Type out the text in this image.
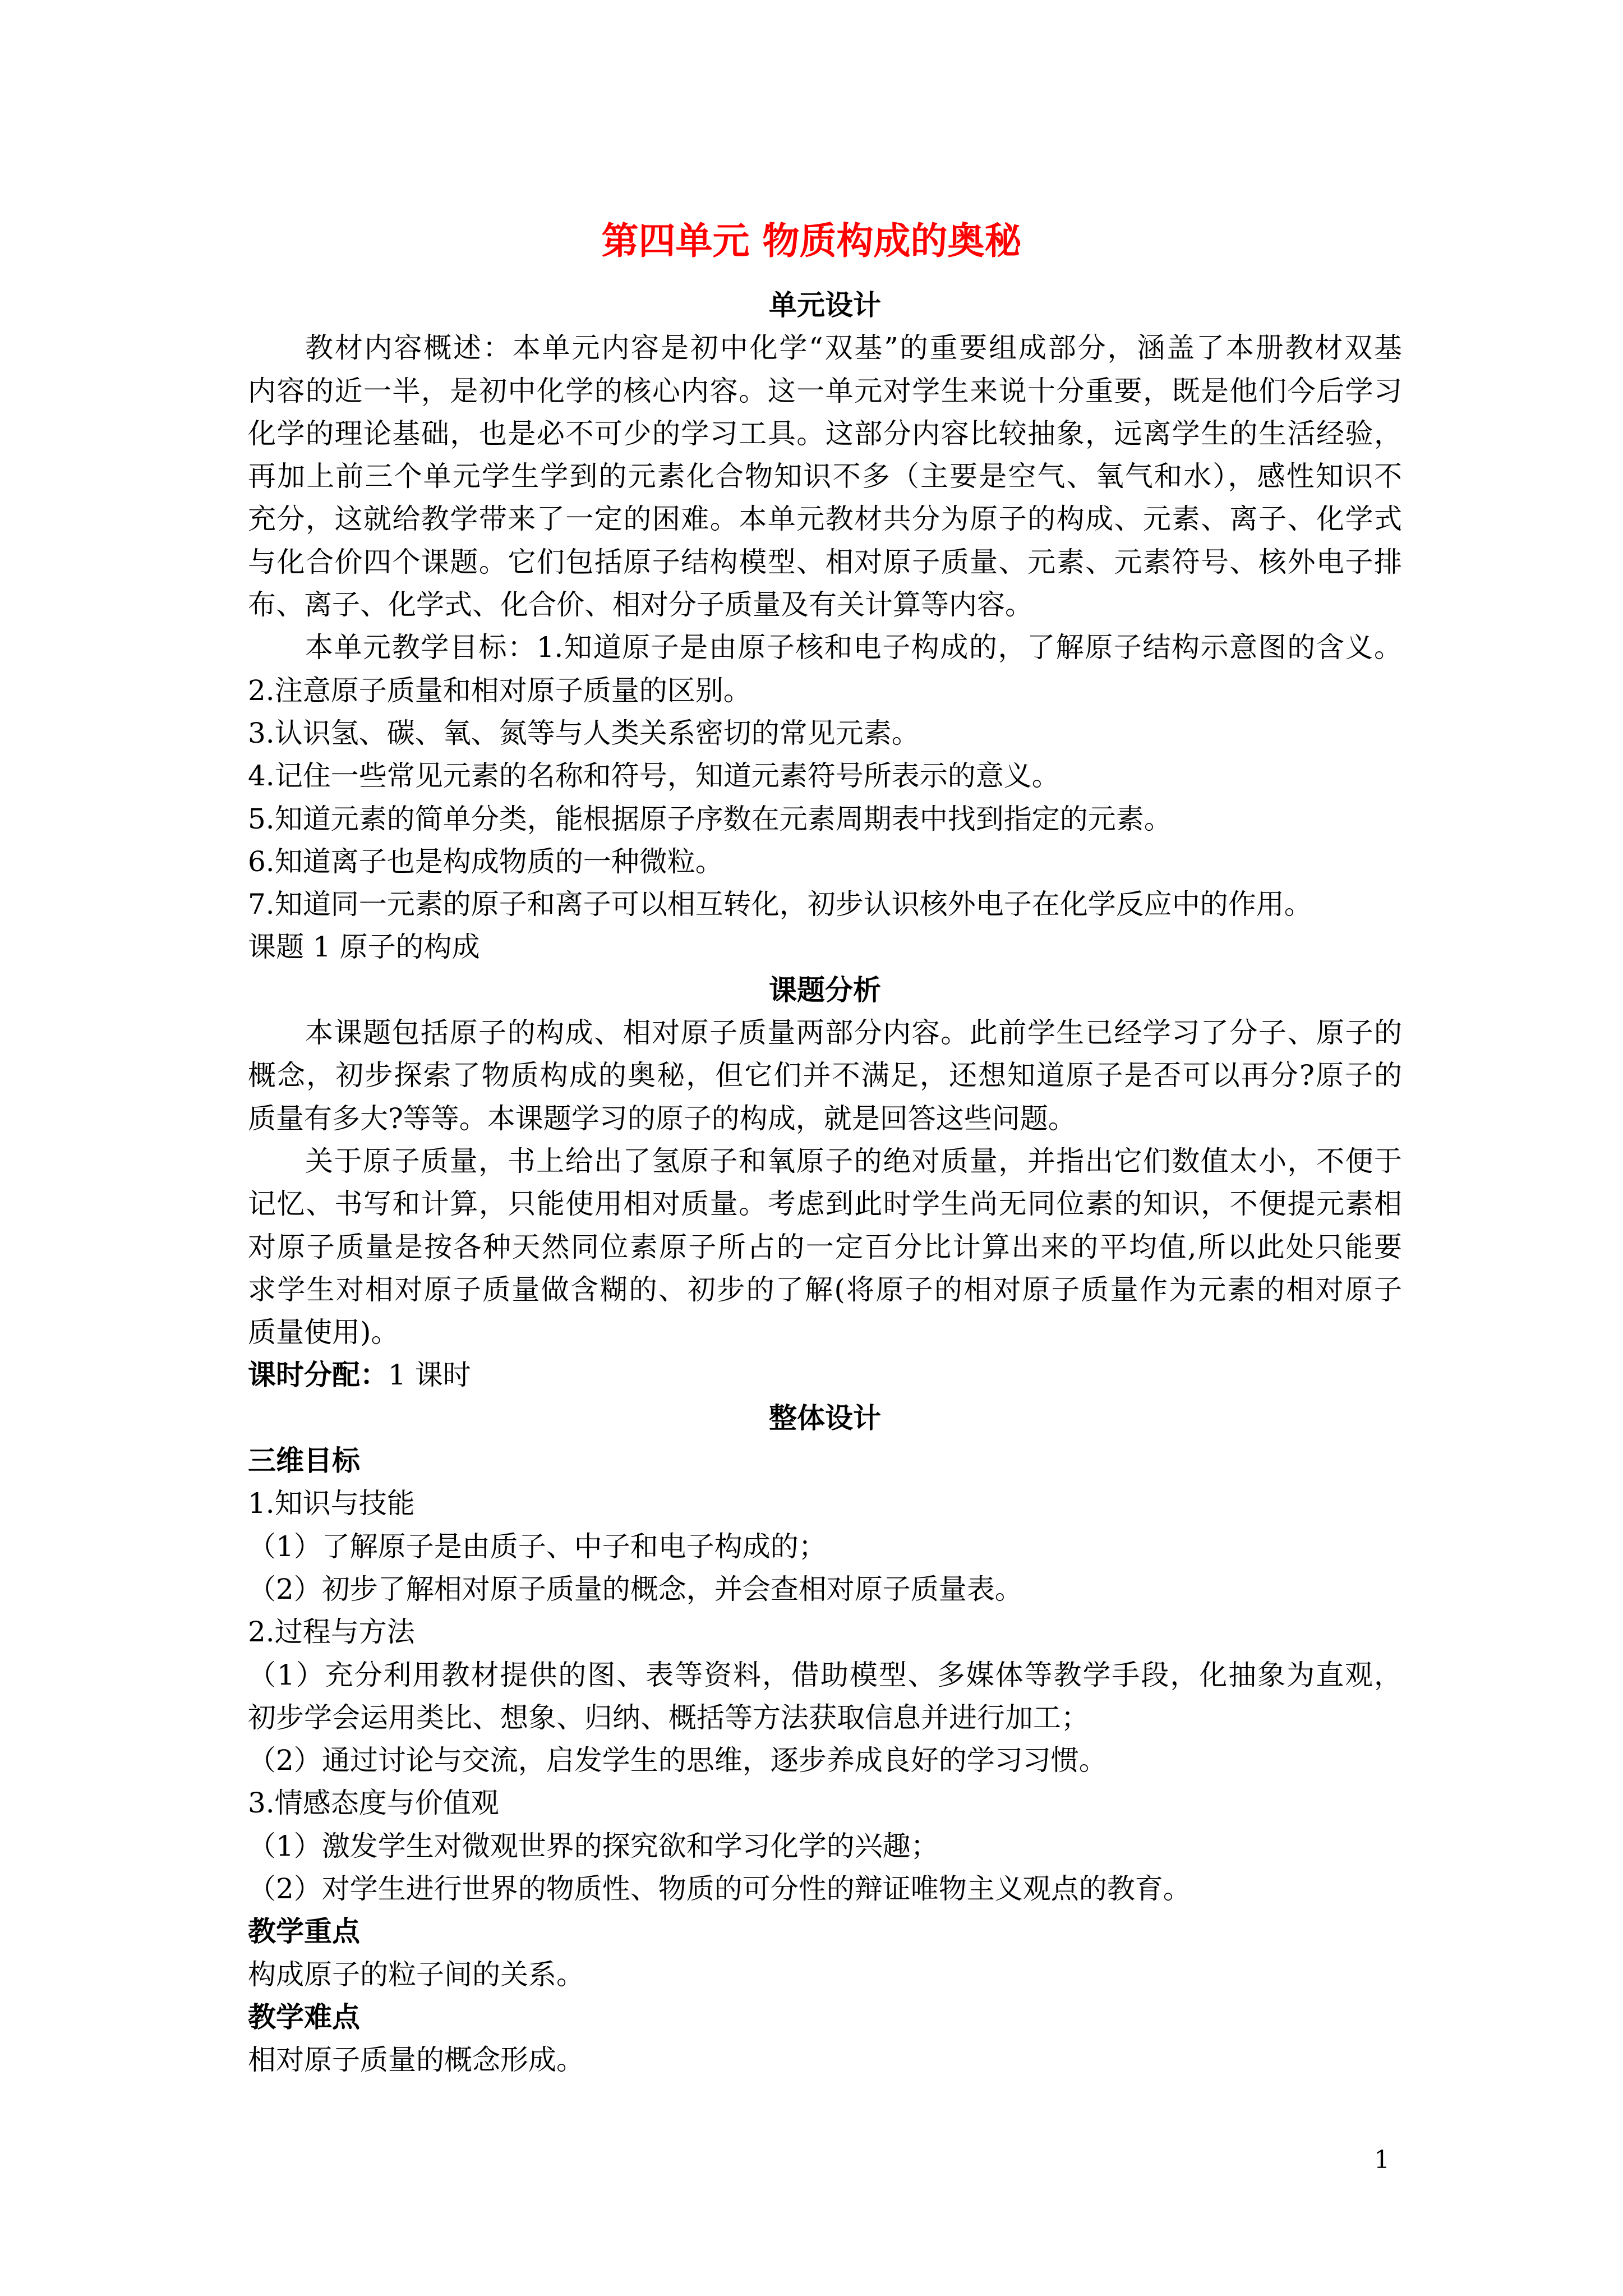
第四单元 物质构成的奥秘
单元设计
教材内容概述：本单元内容是初中化学“双基”的重要组成部分，涵盖了本册教材双基
内容的近一半，是初中化学的核心内容。这一单元对学生来说十分重要，既是他们今后学习
化学的理论基础，也是必不可少的学习工具。这部分内容比较抽象，远离学生的生活经验，
再加上前三个单元学生学到的元素化合物知识不多（主要是空气、氧气和水），感性知识不
充分，这就给教学带来了一定的困难。本单元教材共分为原子的构成、元素、离子、化学式
与化合价四个课题。它们包括原子结构模型、相对原子质量、元素、元素符号、核外电子排
布、离子、化学式、化合价、相对分子质量及有关计算等内容。
本单元教学目标：1.知道原子是由原子核和电子构成的，了解原子结构示意图的含义。
2.注意原子质量和相对原子质量的区别。
3.认识氢、碳、氧、氮等与人类关系密切的常见元素。
4.记住一些常见元素的名称和符号，知道元素符号所表示的意义。
5.知道元素的简单分类，能根据原子序数在元素周期表中找到指定的元素。
6.知道离子也是构成物质的一种微粒。
7.知道同一元素的原子和离子可以相互转化，初步认识核外电子在化学反应中的作用。
课题 1 原子的构成
课题分析
本课题包括原子的构成、相对原子质量两部分内容。此前学生已经学习了分子、原子的
概念，初步探索了物质构成的奥秘，但它们并不满足，还想知道原子是否可以再分?原子的
质量有多大?等等。本课题学习的原子的构成，就是回答这些问题。
关于原子质量，书上给出了氢原子和氧原子的绝对质量，并指出它们数值太小，不便于
记忆、书写和计算，只能使用相对质量。考虑到此时学生尚无同位素的知识，不便提元素相
对原子质量是按各种天然同位素原子所占的一定百分比计算出来的平均值,所以此处只能要
求学生对相对原子质量做含糊的、初步的了解(将原子的相对原子质量作为元素的相对原子
质量使用)。
课时分配：1 课时
整体设计
三维目标
1.知识与技能
（1）了解原子是由质子、中子和电子构成的；
（2）初步了解相对原子质量的概念，并会查相对原子质量表。
2.过程与方法
（1）充分利用教材提供的图、表等资料，借助模型、多媒体等教学手段，化抽象为直观，
初步学会运用类比、想象、归纳、概括等方法获取信息并进行加工；
（2）通过讨论与交流，启发学生的思维，逐步养成良好的学习习惯。
3.情感态度与价值观
（1）激发学生对微观世界的探究欲和学习化学的兴趣；
（2）对学生进行世界的物质性、物质的可分性的辩证唯物主义观点的教育。
教学重点
构成原子的粒子间的关系。
教学难点
相对原子质量的概念形成。
1
